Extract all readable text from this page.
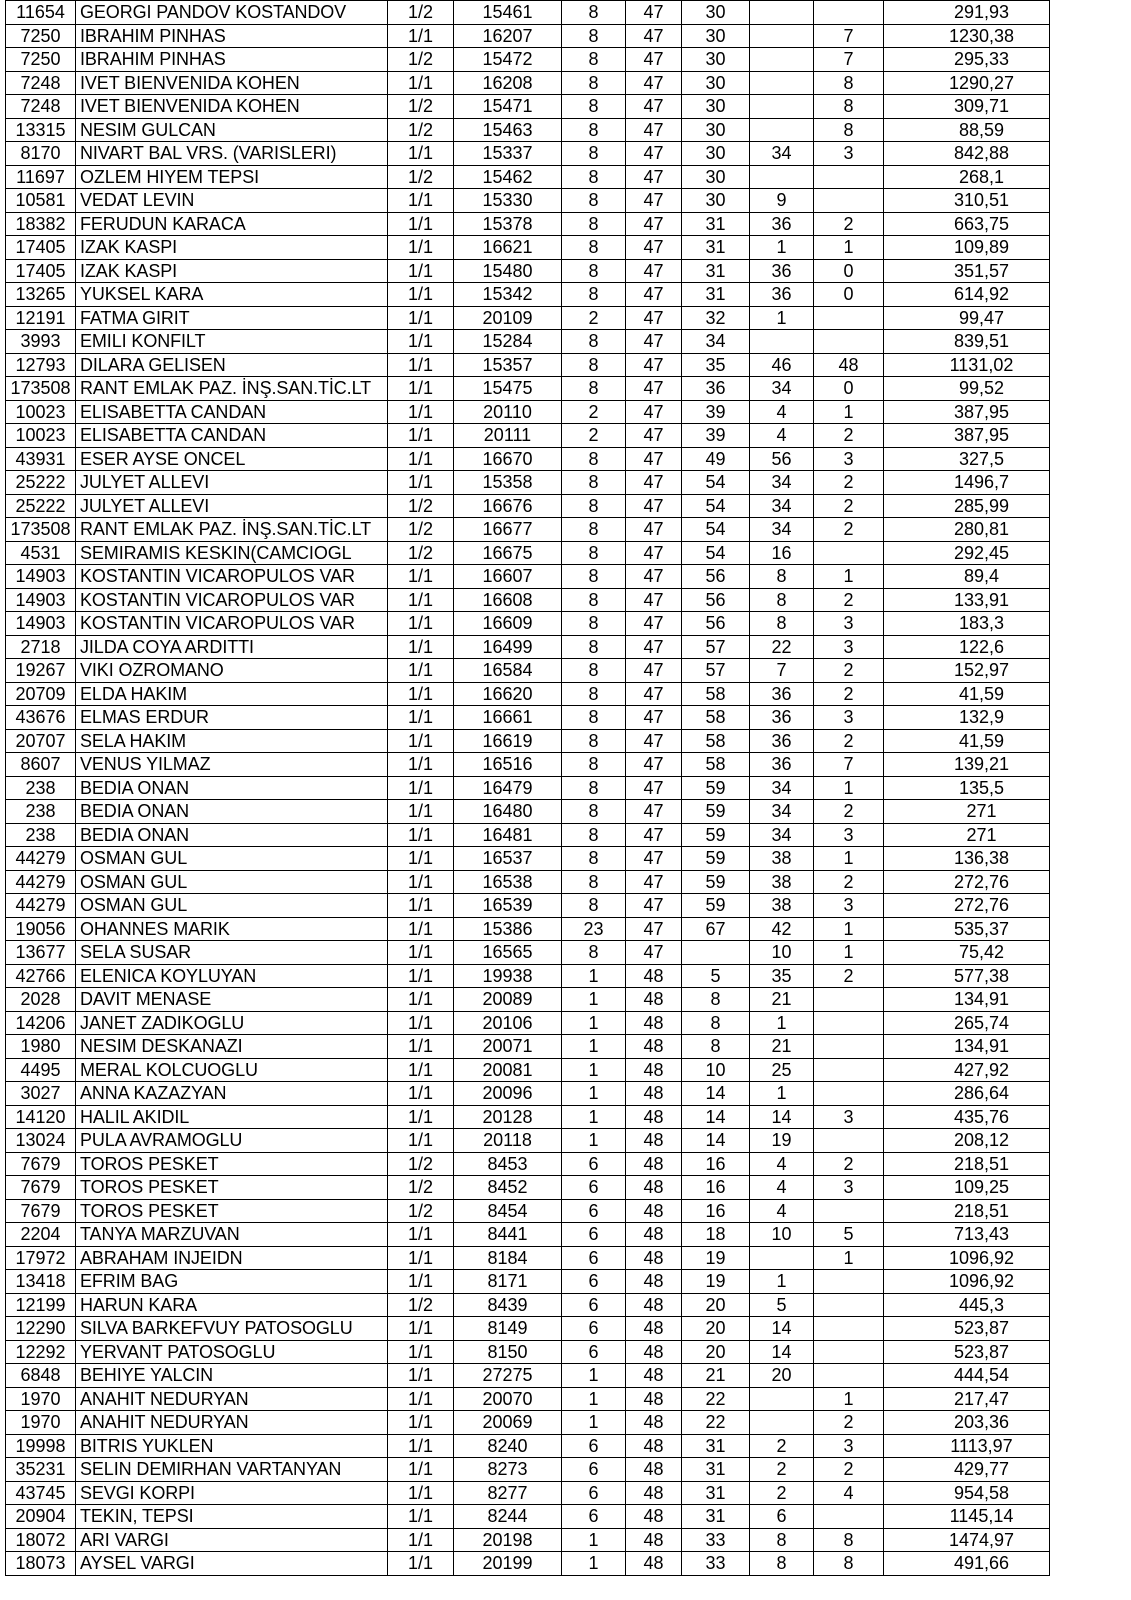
11654	GEORGI PANDOV KOSTANDOV	1/2	15461	8	47	30			291,93
7250	IBRAHIM PINHAS	1/1	16207	8	47	30		7	1230,38
7250	IBRAHIM PINHAS	1/2	15472	8	47	30		7	295,33
7248	IVET BIENVENIDA KOHEN	1/1	16208	8	47	30		8	1290,27
7248	IVET BIENVENIDA KOHEN	1/2	15471	8	47	30		8	309,71
13315	NESIM GULCAN	1/2	15463	8	47	30		8	88,59
8170	NIVART BAL VRS. (VARISLERI)	1/1	15337	8	47	30	34	3	842,88
11697	OZLEM HIYEM TEPSI	1/2	15462	8	47	30			268,1
10581	VEDAT LEVIN	1/1	15330	8	47	30	9		310,51
18382	FERUDUN KARACA	1/1	15378	8	47	31	36	2	663,75
17405	IZAK KASPI	1/1	16621	8	47	31	1	1	109,89
17405	IZAK KASPI	1/1	15480	8	47	31	36	0	351,57
13265	YUKSEL KARA	1/1	15342	8	47	31	36	0	614,92
12191	FATMA GIRIT	1/1	20109	2	47	32	1		99,47
3993	EMILI KONFILT	1/1	15284	8	47	34			839,51
12793	DILARA GELISEN	1/1	15357	8	47	35	46	48	1131,02
173508	RANT EMLAK PAZ. İNŞ.SAN.TİC.LT	1/1	15475	8	47	36	34	0	99,52
10023	ELISABETTA CANDAN	1/1	20110	2	47	39	4	1	387,95
10023	ELISABETTA CANDAN	1/1	20111	2	47	39	4	2	387,95
43931	ESER AYSE ONCEL	1/1	16670	8	47	49	56	3	327,5
25222	JULYET ALLEVI	1/1	15358	8	47	54	34	2	1496,7
25222	JULYET ALLEVI	1/2	16676	8	47	54	34	2	285,99
173508	RANT EMLAK PAZ. İNŞ.SAN.TİC.LT	1/2	16677	8	47	54	34	2	280,81
4531	SEMIRAMIS KESKIN(CAMCIOGL	1/2	16675	8	47	54	16		292,45
14903	KOSTANTIN VICAROPULOS VAR	1/1	16607	8	47	56	8	1	89,4
14903	KOSTANTIN VICAROPULOS VAR	1/1	16608	8	47	56	8	2	133,91
14903	KOSTANTIN VICAROPULOS VAR	1/1	16609	8	47	56	8	3	183,3
2718	JILDA COYA ARDITTI	1/1	16499	8	47	57	22	3	122,6
19267	VIKI OZROMANO	1/1	16584	8	47	57	7	2	152,97
20709	ELDA HAKIM	1/1	16620	8	47	58	36	2	41,59
43676	ELMAS ERDUR	1/1	16661	8	47	58	36	3	132,9
20707	SELA HAKIM	1/1	16619	8	47	58	36	2	41,59
8607	VENUS YILMAZ	1/1	16516	8	47	58	36	7	139,21
238	BEDIA ONAN	1/1	16479	8	47	59	34	1	135,5
238	BEDIA ONAN	1/1	16480	8	47	59	34	2	271
238	BEDIA ONAN	1/1	16481	8	47	59	34	3	271
44279	OSMAN GUL	1/1	16537	8	47	59	38	1	136,38
44279	OSMAN GUL	1/1	16538	8	47	59	38	2	272,76
44279	OSMAN GUL	1/1	16539	8	47	59	38	3	272,76
19056	OHANNES MARIK	1/1	15386	23	47	67	42	1	535,37
13677	SELA SUSAR	1/1	16565	8	47		10	1	75,42
42766	ELENICA KOYLUYAN	1/1	19938	1	48	5	35	2	577,38
2028	DAVIT MENASE	1/1	20089	1	48	8	21		134,91
14206	JANET ZADIKOGLU	1/1	20106	1	48	8	1		265,74
1980	NESIM DESKANAZI	1/1	20071	1	48	8	21		134,91
4495	MERAL KOLCUOGLU	1/1	20081	1	48	10	25		427,92
3027	ANNA KAZAZYAN	1/1	20096	1	48	14	1		286,64
14120	HALIL AKIDIL	1/1	20128	1	48	14	14	3	435,76
13024	PULA AVRAMOGLU	1/1	20118	1	48	14	19		208,12
7679	TOROS PESKET	1/2	8453	6	48	16	4	2	218,51
7679	TOROS PESKET	1/2	8452	6	48	16	4	3	109,25
7679	TOROS PESKET	1/2	8454	6	48	16	4		218,51
2204	TANYA MARZUVAN	1/1	8441	6	48	18	10	5	713,43
17972	ABRAHAM INJEIDN	1/1	8184	6	48	19		1	1096,92
13418	EFRIM BAG	1/1	8171	6	48	19	1		1096,92
12199	HARUN KARA	1/2	8439	6	48	20	5		445,3
12290	SILVA BARKEFVUY PATOSOGLU	1/1	8149	6	48	20	14		523,87
12292	YERVANT PATOSOGLU	1/1	8150	6	48	20	14		523,87
6848	BEHIYE YALCIN	1/1	27275	1	48	21	20		444,54
1970	ANAHIT NEDURYAN	1/1	20070	1	48	22		1	217,47
1970	ANAHIT NEDURYAN	1/1	20069	1	48	22		2	203,36
19998	BITRIS YUKLEN	1/1	8240	6	48	31	2	3	1113,97
35231	SELIN DEMIRHAN VARTANYAN	1/1	8273	6	48	31	2	2	429,77
43745	SEVGI KORPI	1/1	8277	6	48	31	2	4	954,58
20904	TEKIN, TEPSI	1/1	8244	6	48	31	6		1145,14
18072	ARI VARGI	1/1	20198	1	48	33	8	8	1474,97
18073	AYSEL VARGI	1/1	20199	1	48	33	8	8	491,66
